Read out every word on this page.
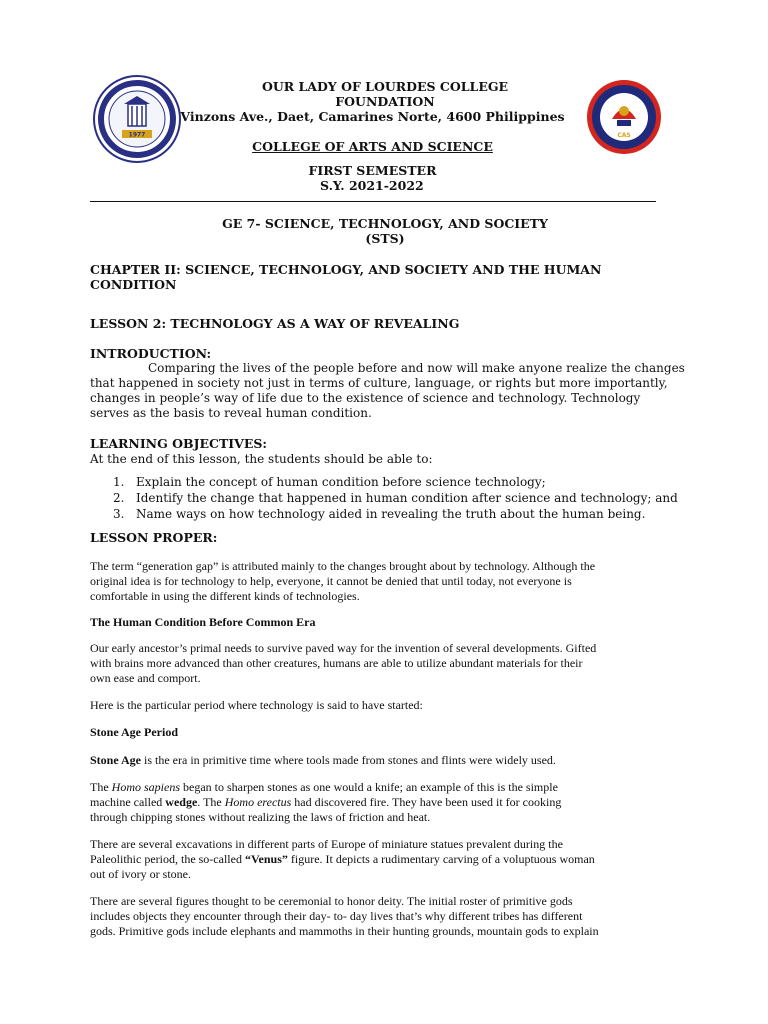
1977	CAS
OUR LADY OF LOURDES COLLEGE
FOUNDATION
Vinzons Ave., Daet, Camarines Norte, 4600 Philippines
COLLEGE OF ARTS AND SCIENCE
FIRST SEMESTER
S.Y. 2021-2022
GE 7- SCIENCE, TECHNOLOGY, AND SOCIETY
(STS)
CHAPTER II: SCIENCE, TECHNOLOGY, AND SOCIETY AND THE HUMAN
CONDITION
LESSON 2: TECHNOLOGY AS A WAY OF REVEALING
INTRODUCTION:
Comparing the lives of the people before and now will make anyone realize the changes
that happened in society not just in terms of culture, language, or rights but more importantly,
changes in people’s way of life due to the existence of science and technology. Technology
serves as the basis to reveal human condition.
LEARNING OBJECTIVES:
At the end of this lesson, the students should be able to:
1. Explain the concept of human condition before science technology;
2. Identify the change that happened in human condition after science and technology; and
3. Name ways on how technology aided in revealing the truth about the human being.
LESSON PROPER:
The term “generation gap” is attributed mainly to the changes brought about by technology. Although the
original idea is for technology to help, everyone, it cannot be denied that until today, not everyone is
comfortable in using the different kinds of technologies.
The Human Condition Before Common Era
Our early ancestor’s primal needs to survive paved way for the invention of several developments. Gifted
with brains more advanced than other creatures, humans are able to utilize abundant materials for their
own ease and comport.
Here is the particular period where technology is said to have started:
Stone Age Period
Stone Age is the era in primitive time where tools made from stones and flints were widely used.
The Homo sapiens began to sharpen stones as one would a knife; an example of this is the simple
machine called wedge. The Homo erectus had discovered fire. They have been used it for cooking
through chipping stones without realizing the laws of friction and heat.
There are several excavations in different parts of Europe of miniature statues prevalent during the
Paleolithic period, the so-called “Venus” figure. It depicts a rudimentary carving of a voluptuous woman
out of ivory or stone.
There are several figures thought to be ceremonial to honor deity. The initial roster of primitive gods
includes objects they encounter through their day- to- day lives that’s why different tribes has different
gods. Primitive gods include elephants and mammoths in their hunting grounds, mountain gods to explain
